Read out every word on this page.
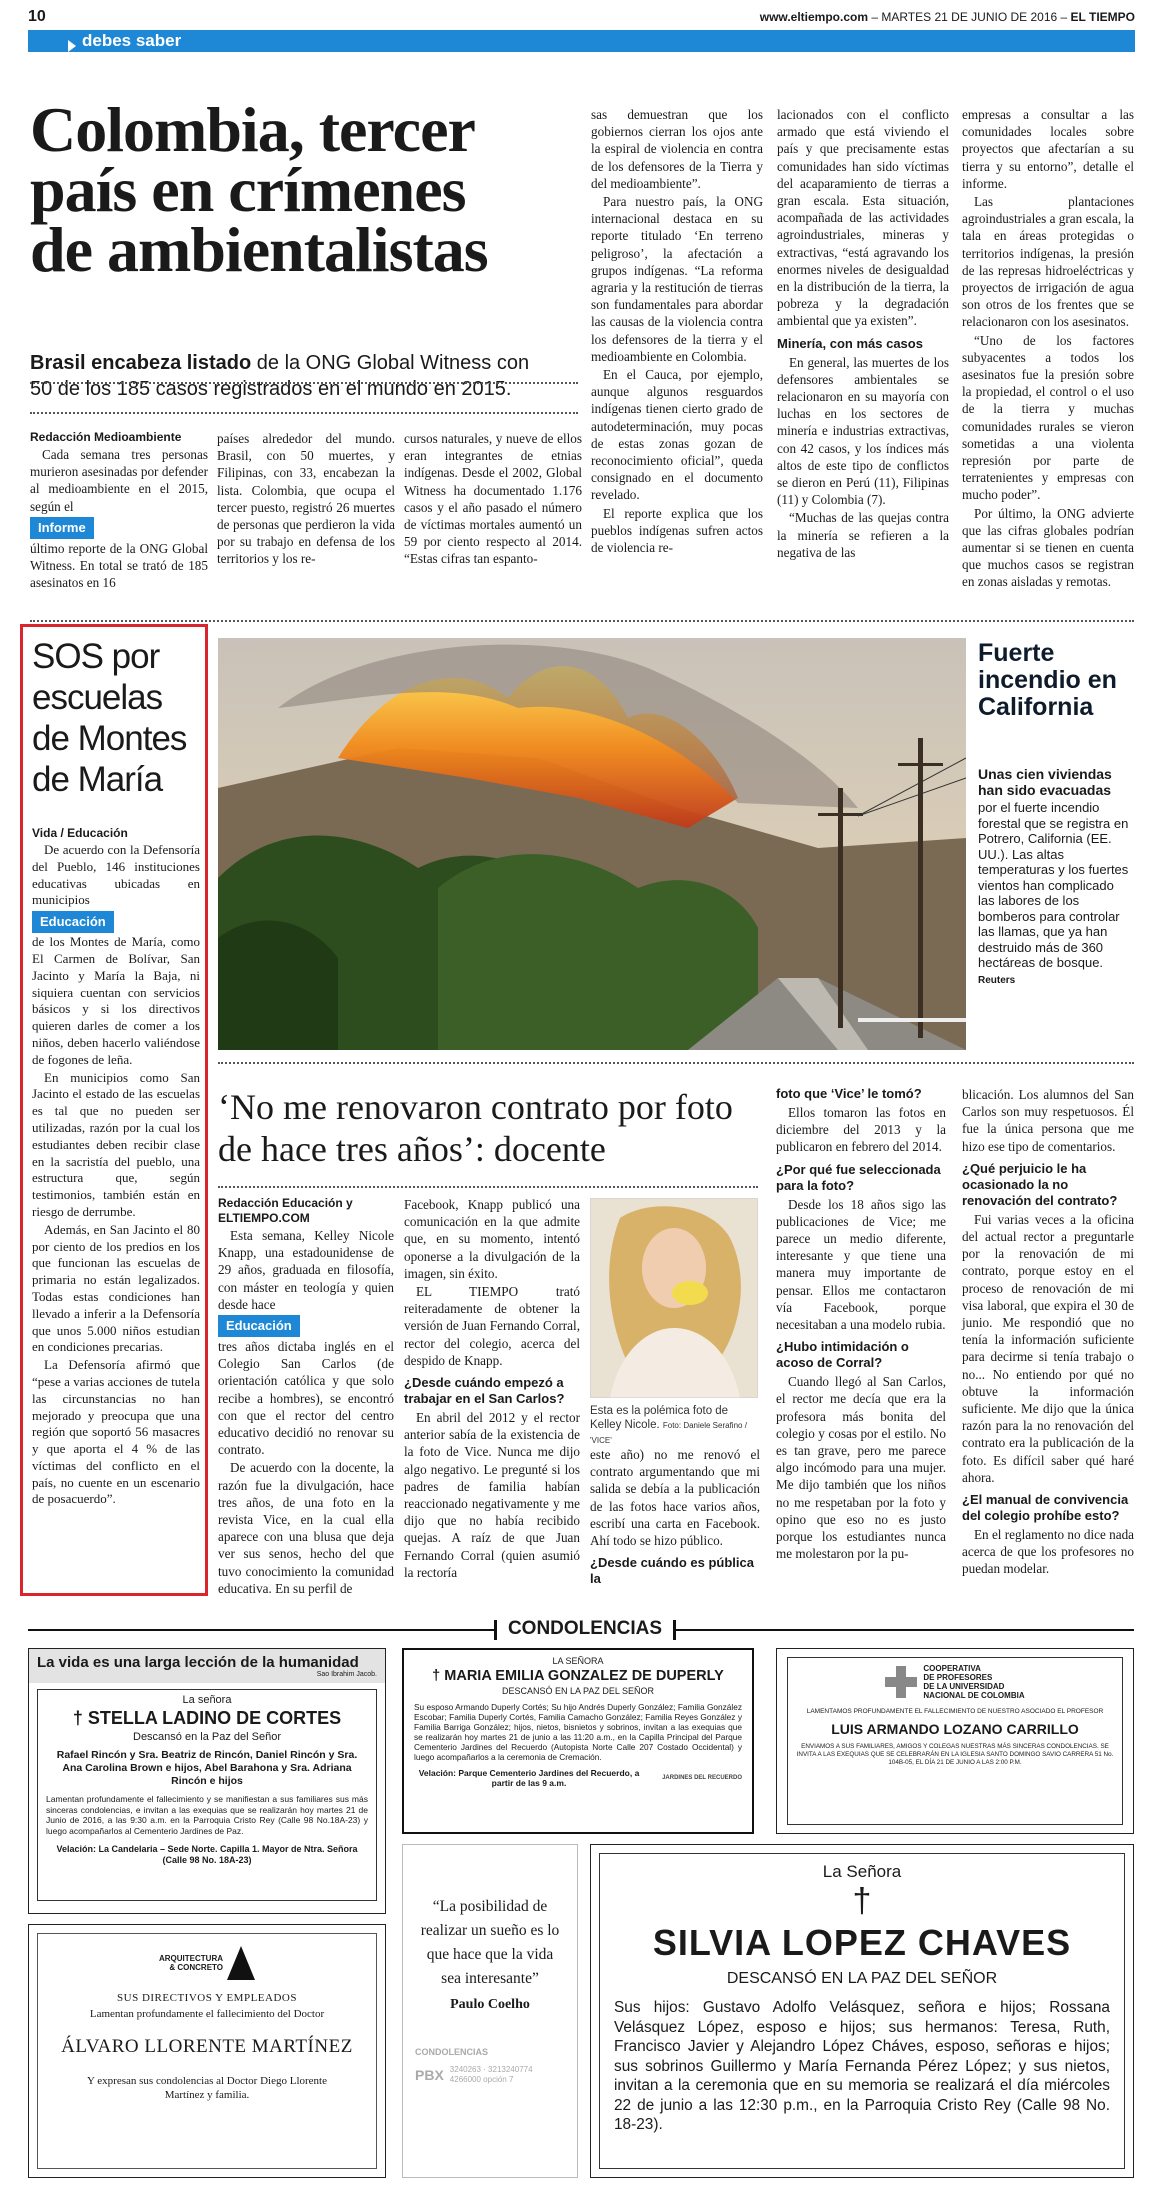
10	www.eltiempo.com – MARTES 21 DE JUNIO DE 2016 – EL TIEMPO
debes saber
Colombia, tercer
país en crímenes
de ambientalistas
Brasil encabeza listado de la ONG Global Witness con
50 de los 185 casos registrados en el mundo en 2015.

Redacción Medioambiente

Cada semana tres personas murieron asesinadas por defender al medioambiente en el 2015, según el

Informe

último reporte de la ONG Global Witness. En total se trató de 185 asesinatos en 16

países alrededor del mundo. Brasil, con 50 muertes, y Filipinas, con 33, encabezan la lista. Colombia, que ocupa el tercer puesto, registró 26 muertes de personas que perdieron la vida por su trabajo en defensa de los territorios y los re-

cursos naturales, y nueve de ellos eran integrantes de etnias indígenas. Desde el 2002, Global Witness ha documentado 1.176 casos y el año pasado el número de víctimas mortales aumentó un 59 por ciento respecto al 2014. “Estas cifras tan espanto-

sas demuestran que los gobiernos cierran los ojos ante la espiral de violencia en contra de los defensores de la Tierra y del medioambiente”.

Para nuestro país, la ONG internacional destaca en su reporte titulado ‘En terreno peligroso’, la afectación a grupos indígenas. “La reforma agraria y la restitución de tierras son fundamentales para abordar las causas de la violencia contra los defensores de la tierra y el medioambiente en Colombia.

En el Cauca, por ejemplo, aunque algunos resguardos indígenas tienen cierto grado de autodeterminación, muy pocas de estas zonas gozan de reconocimiento oficial”, queda consignado en el documento revelado.

El reporte explica que los pueblos indígenas sufren actos de violencia re-

lacionados con el conflicto armado que está viviendo el país y que precisamente estas comunidades han sido víctimas del acaparamiento de tierras a gran escala. Esta situación, acompañada de las actividades agroindustriales, mineras y extractivas, “está agravando los enormes niveles de desigualdad en la distribución de la tierra, la pobreza y la degradación ambiental que ya existen”.

Minería, con más casos

En general, las muertes de los defensores ambientales se relacionaron en su mayoría con luchas en los sectores de minería e industrias extractivas, con 42 casos, y los índices más altos de este tipo de conflictos se dieron en Perú (11), Filipinas (11) y Colombia (7).

“Muchas de las quejas contra la minería se refieren a la negativa de las

empresas a consultar a las comunidades locales sobre proyectos que afectarían a su tierra y su entorno”, detalle el informe.

Las plantaciones agroindustriales a gran escala, la tala en áreas protegidas o territorios indígenas, la presión de las represas hidroeléctricas y proyectos de irrigación de agua son otros de los frentes que se relacionaron con los asesinatos.

“Uno de los factores subyacentes a todos los asesinatos fue la presión sobre la propiedad, el control o el uso de la tierra y muchas comunidades rurales se vieron sometidas a una violenta represión por parte de terratenientes y empresas con mucho poder”.

Por último, la ONG advierte que las cifras globales podrían aumentar si se tienen en cuenta que muchos casos se registran en zonas aisladas y remotas.

SOS por escuelas de Montes de María

Vida / Educación

De acuerdo con la Defensoría del Pueblo, 146 instituciones educativas ubicadas en municipios

Educación

de los Montes de María, como El Carmen de Bolívar, San Jacinto y María la Baja, ni siquiera cuentan con servicios básicos y si los directivos quieren darles de comer a los niños, deben hacerlo valiéndose de fogones de leña.

En municipios como San Jacinto el estado de las escuelas es tal que no pueden ser utilizadas, razón por la cual los estudiantes deben recibir clase en la sacristía del pueblo, una estructura que, según testimonios, también están en riesgo de derrumbe.

Además, en San Jacinto el 80 por ciento de los predios en los que funcionan las escuelas de primaria no están legalizados. Todas estas condiciones han llevado a inferir a la Defensoría que unos 5.000 niños estudian en condiciones precarias.

La Defensoría afirmó que “pese a varias acciones de tutela las circunstancias no han mejorado y preocupa que una región que soportó 56 masacres y que aporta el 4 % de las víctimas del conflicto en el país, no cuente en un escenario de posacuerdo”.

Fuerte incendio en California
Unas cien viviendas han sido evacuadas
por el fuerte incendio forestal que se registra en Potrero, California (EE. UU.). Las altas temperaturas y los fuertes vientos han complicado las labores de los bomberos para controlar las llamas, que ya han destruido más de 360 hectáreas de bosque. Reuters
‘No me renovaron contrato por foto de hace tres años’: docente

Redacción Educación y ELTIEMPO.COM

Esta semana, Kelley Nicole Knapp, una estadounidense de 29 años, graduada en filosofía, con máster en teología y quien desde hace

Educación

tres años dictaba inglés en el Colegio San Carlos (de orientación católica y que solo recibe a hombres), se encontró con que el rector del centro educativo decidió no renovar su contrato.

De acuerdo con la docente, la razón fue la divulgación, hace tres años, de una foto en la revista Vice, en la cual ella aparece con una blusa que deja ver sus senos, hecho del que tuvo conocimiento la comunidad educativa. En su perfil de

Facebook, Knapp publicó una comunicación en la que admite que, en su momento, intentó oponerse a la divulgación de la imagen, sin éxito.

EL TIEMPO trató reiteradamente de obtener la versión de Juan Fernando Corral, rector del colegio, acerca del despido de Knapp.

¿Desde cuándo empezó a trabajar en el San Carlos?

En abril del 2012 y el rector anterior sabía de la existencia de la foto de Vice. Nunca me dijo algo negativo. Le pregunté si los padres de familia habían reaccionado negativamente y me dijo que no había recibido quejas. A raíz de que Juan Fernando Corral (quien asumió la rectoría

Esta es la polémica foto de Kelley Nicole. Foto: Daniele Serafino / 'VICE'

este año) no me renovó el contrato argumentando que mi salida se debía a la publicación de las fotos hace varios años, escribí una carta en Facebook. Ahí todo se hizo público.

¿Desde cuándo es pública la

foto que ‘Vice’ le tomó?

Ellos tomaron las fotos en diciembre del 2013 y la publicaron en febrero del 2014.

¿Por qué fue seleccionada para la foto?

Desde los 18 años sigo las publicaciones de Vice; me parece un medio diferente, interesante y que tiene una manera muy importante de pensar. Ellos me contactaron vía Facebook, porque necesitaban a una modelo rubia.

¿Hubo intimidación o acoso de Corral?

Cuando llegó al San Carlos, el rector me decía que era la profesora más bonita del colegio y cosas por el estilo. No es tan grave, pero me parece algo incómodo para una mujer. Me dijo también que los niños no me respetaban por la foto y opino que eso no es justo porque los estudiantes nunca me molestaron por la pu-

blicación. Los alumnos del San Carlos son muy respetuosos. Él fue la única persona que me hizo ese tipo de comentarios.

¿Qué perjuicio le ha ocasionado la no renovación del contrato?

Fui varias veces a la oficina del actual rector a preguntarle por la renovación de mi contrato, porque estoy en el proceso de renovación de mi visa laboral, que expira el 30 de junio. Me respondió que no tenía la información suficiente para decirme si tenía trabajo o no... No entiendo por qué no obtuve la información suficiente. Me dijo que la única razón para la no renovación del contrato era la publicación de la foto. Es difícil saber qué haré ahora.

¿El manual de convivencia del colegio prohíbe esto?

En el reglamento no dice nada acerca de que los profesores no puedan modelar.

CONDOLENCIAS
La vida es una larga lección de la humanidad
Sao Ibrahim Jacob.
La señora
† STELLA LADINO DE CORTES
Descansó en la Paz del Señor
Rafael Rincón y Sra. Beatriz de Rincón, Daniel Rincón y Sra. Ana Carolina Brown e hijos, Abel Barahona y Sra. Adriana Rincón e hijos
Lamentan profundamente el fallecimiento y se manifiestan a sus familiares sus más sinceras condolencias, e invitan a las exequias que se realizarán hoy martes 21 de Junio de 2016, a las 9:30 a.m. en la Parroquia Cristo Rey (Calle 98 No.18A-23) y luego acompañarlos al Cementerio Jardines de Paz.
Velación: La Candelaria – Sede Norte. Capilla 1. Mayor de Ntra. Señora (Calle 98 No. 18A-23)
LA SEÑORA
† MARIA EMILIA GONZALEZ DE DUPERLY
DESCANSÓ EN LA PAZ DEL SEÑOR
Su esposo Armando Duperly Cortés; Su hijo Andrés Duperly González; Familia González Escobar; Familia Duperly Cortés, Familia Camacho González; Familia Reyes González y Familia Barriga González; hijos, nietos, bisnietos y sobrinos, invitan a las exequias que se realizarán hoy martes 21 de junio a las 11:20 a.m., en la Capilla Principal del Parque Cementerio Jardines del Recuerdo (Autopista Norte Calle 207 Costado Occidental) y luego acompañarlos a la ceremonia de Cremación.
Velación: Parque Cementerio Jardines del Recuerdo, a partir de las 9 a.m.	JARDINES DEL RECUERDO
COOPERATIVA
DE PROFESORES
DE LA UNIVERSIDAD
NACIONAL DE COLOMBIA
LAMENTAMOS PROFUNDAMENTE EL FALLECIMIENTO DE NUESTRO ASOCIADO EL PROFESOR
LUIS ARMANDO LOZANO CARRILLO
ENVIAMOS A SUS FAMILIARES, AMIGOS Y COLEGAS NUESTRAS MÁS SINCERAS CONDOLENCIAS. SE INVITA A LAS EXEQUIAS QUE SE CELEBRARÁN EN LA IGLESIA SANTO DOMINGO SAVIO CARRERA 51 No. 104B-05, EL DÍA 21 DE JUNIO A LAS 2:00 P.M.
ARQUITECTURA
& CONCRETO
SUS DIRECTIVOS Y EMPLEADOS
Lamentan profundamente el fallecimiento del Doctor
ÁLVARO LLORENTE MARTÍNEZ
Y expresan sus condolencias al Doctor Diego Llorente Martínez y familia.
“La posibilidad de realizar un sueño es lo que hace que la vida sea interesante”
Paulo Coelho
CONDOLENCIAS
PBX 3240263 · 3213240774
4266000 opción 7
La Señora
†
SILVIA LOPEZ CHAVES
DESCANSÓ EN LA PAZ DEL SEÑOR
Sus hijos: Gustavo Adolfo Velásquez, señora e hijos; Rossana Velásquez López, esposo e hijos; sus hermanos: Teresa, Ruth, Francisco Javier y Alejandro López Cháves, esposo, señoras e hijos; sus sobrinos Guillermo y María Fernanda Pérez López; y sus nietos, invitan a la ceremonia que en su memoria se realizará el día miércoles 22 de junio a las 12:30 p.m., en la Parroquia Cristo Rey (Calle 98 No. 18-23).
